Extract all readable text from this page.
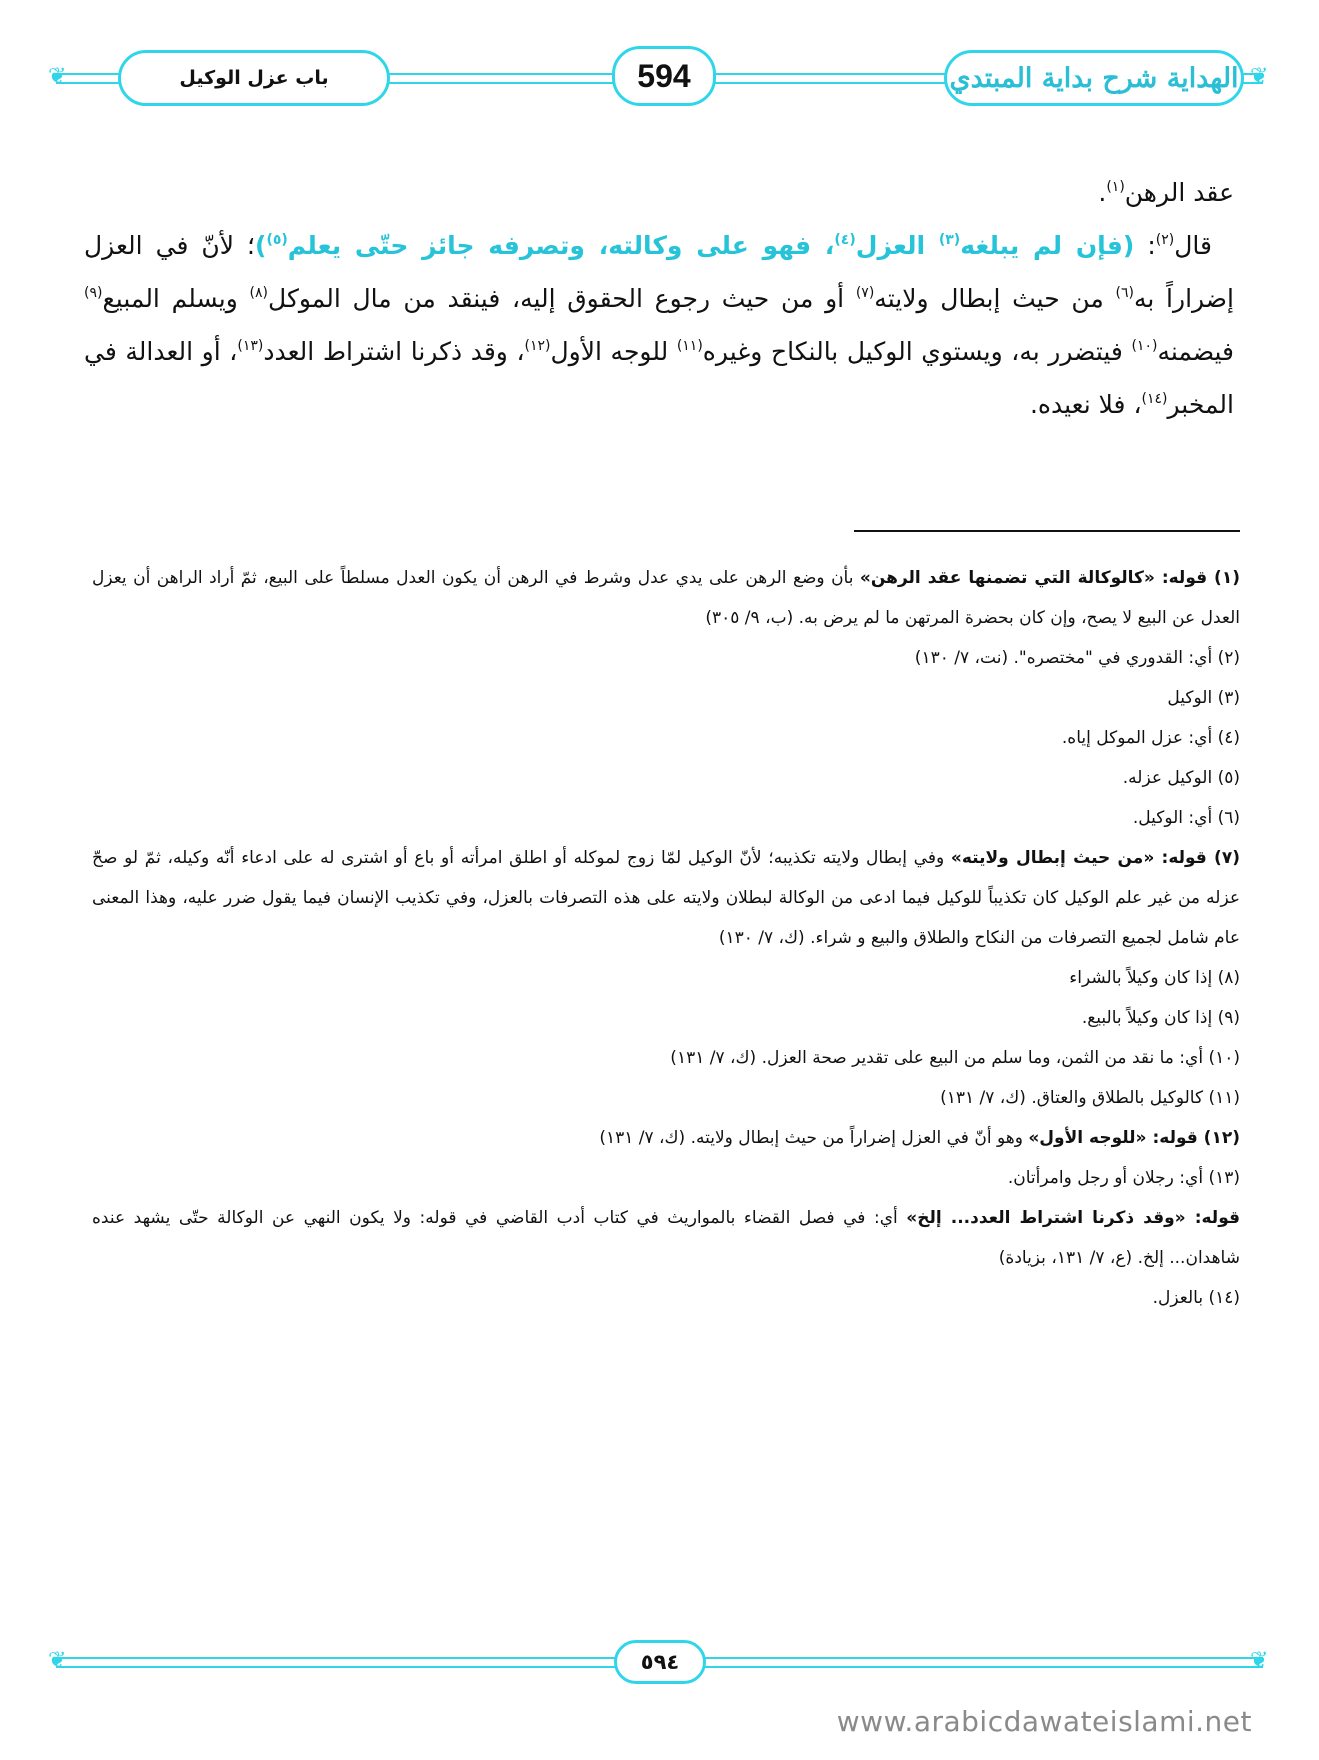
❦	❦
باب عزل الوكيل	594	الهداية شرح بداية المبتدي
عقد الرهن$^{(١)}$.
قال$^{(٢)}$: (فإن لم يبلغه$^{(٣)}$ العزل$^{(٤)}$، فهو على وكالته، وتصرفه جائز حتّى يعلم$^{(٥)}$)؛ لأنّ في العزل إضراراً به$^{(٦)}$ من حيث إبطال ولايته$^{(٧)}$ أو من حيث رجوع الحقوق إليه، فينقد من مال الموكل$^{(٨)}$ ويسلم المبيع$^{(٩)}$ فيضمنه$^{(١٠)}$ فيتضرر به، ويستوي الوكيل بالنكاح وغيره$^{(١١)}$ للوجه الأول$^{(١٢)}$، وقد ذكرنا اشتراط العدد$^{(١٣)}$، أو العدالة في المخبر$^{(١٤)}$، فلا نعيده.

(١) قوله: «كالوكالة التي تضمنها عقد الرهن» بأن وضع الرهن على يدي عدل وشرط في الرهن أن يكون العدل مسلطاً على البيع، ثمّ أراد الراهن أن يعزل العدل عن البيع لا يصح، وإن كان بحضرة المرتهن ما لم يرض به. (ب، ٩/ ٣٠٥)

(٢) أي: القدوري في "مختصره". (نت، ٧/ ١٣٠)

(٣) الوكيل

(٤) أي: عزل الموكل إياه.

(٥) الوكيل عزله.

(٦) أي: الوكيل.

(٧) قوله: «من حيث إبطال ولايته» وفي إبطال ولايته تكذيبه؛ لأنّ الوكيل لمّا زوج لموكله أو اطلق امرأته أو باع أو اشترى له على ادعاء أنّه وكيله، ثمّ لو صحّ عزله من غير علم الوكيل كان تكذيباً للوكيل فيما ادعى من الوكالة لبطلان ولايته على هذه التصرفات بالعزل، وفي تكذيب الإنسان فيما يقول ضرر عليه، وهذا المعنى عام شامل لجميع التصرفات من النكاح والطلاق والبيع و شراء. (ك، ٧/ ١٣٠)

(٨) إذا كان وكيلاً بالشراء

(٩) إذا كان وكيلاً بالبيع.

(١٠) أي: ما نقد من الثمن، وما سلم من البيع على تقدير صحة العزل. (ك، ٧/ ١٣١)

(١١) كالوكيل بالطلاق والعتاق. (ك، ٧/ ١٣١)

(١٢) قوله: «للوجه الأول» وهو أنّ في العزل إضراراً من حيث إبطال ولايته. (ك، ٧/ ١٣١)

(١٣) أي: رجلان أو رجل وامرأتان.

قوله: «وقد ذكرنا اشتراط العدد... إلخ» أي: في فصل القضاء بالمواريث في كتاب أدب القاضي في قوله: ولا يكون النهي عن الوكالة حتّى يشهد عنده شاهدان... إلخ. (ع، ٧/ ١٣١، بزيادة)

(١٤) بالعزل.

❦	❦
٥٩٤
www.arabicdawateislami.net
